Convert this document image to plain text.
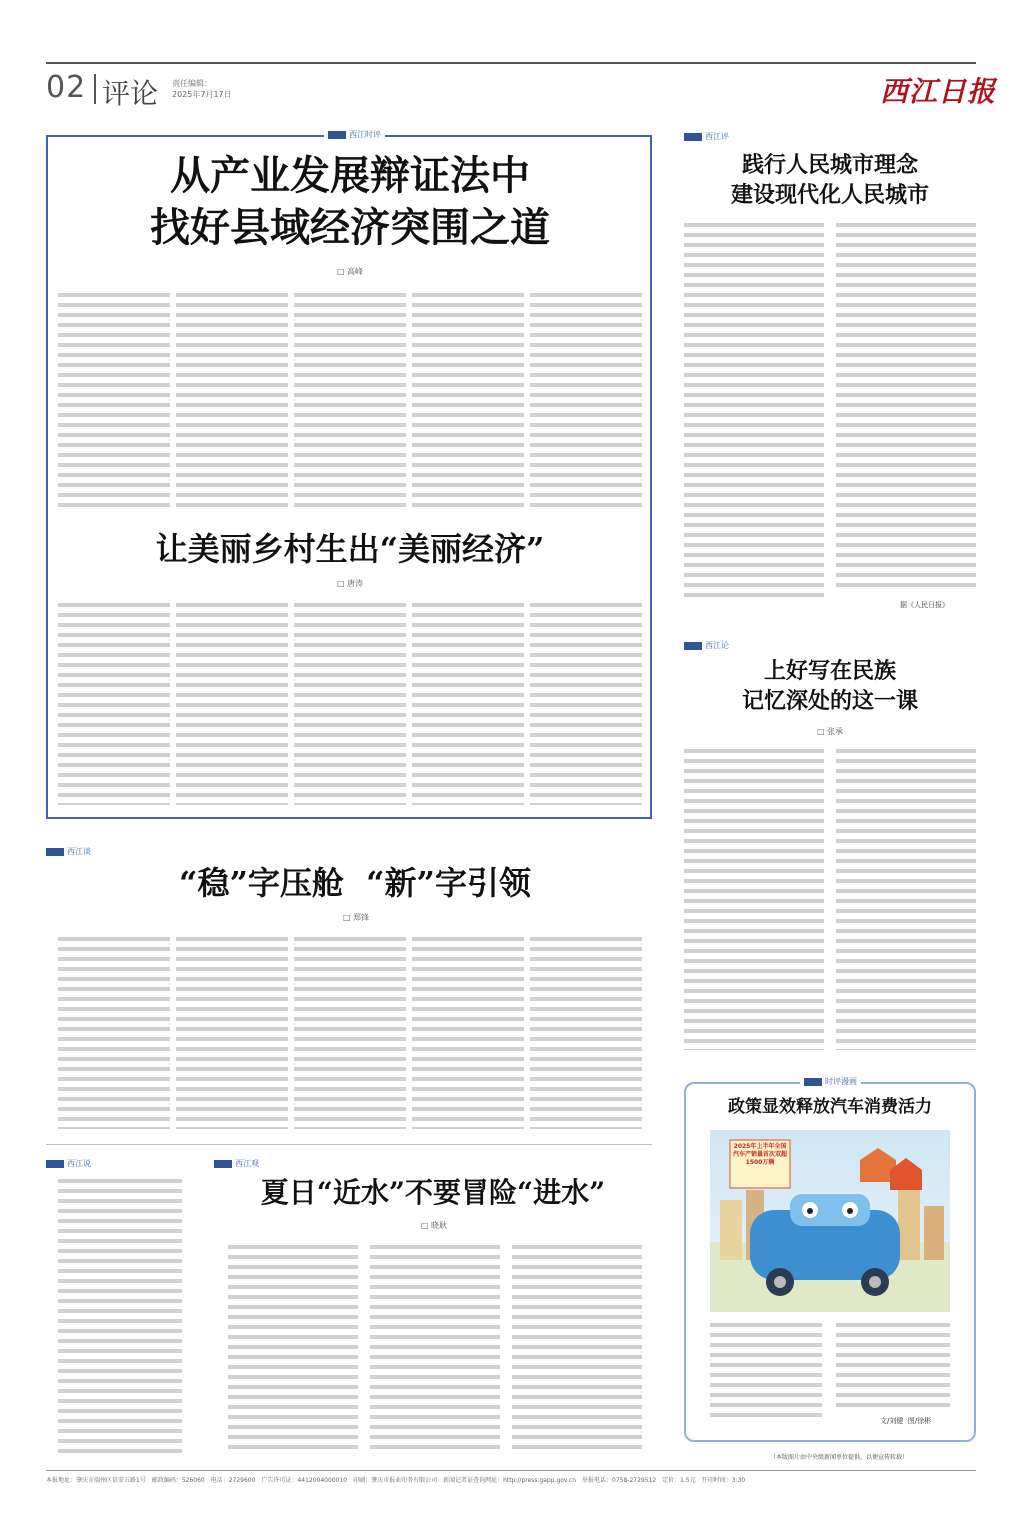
02 评论 责任编辑：
2025年7月17日	西江日报
西江时评
从产业发展辩证法中
找好县域经济突围之道
□ 高峰
让美丽乡村生出“美丽经济”
□ 唐涛
西江评
践行人民城市理念
建设现代化人民城市
据《人民日报》
西江论
上好写在民族
记忆深处的这一课
□ 张承
西江谈
“稳”字压舱  “新”字引领
□ 郑锋
西江说	西江观
夏日“近水”不要冒险“进水”
□ 晓耿
时评漫画
政策显效释放汽车消费活力
2025年上半年全国汽车产销量首次双超1500万辆
文/刘健  图/徐彬
（本版图片由中央级新闻单位提供，以便宣传转载）
本报地址：肇庆市端州区信安五路1号　邮政编码：526060　电话：2729600　广告许可证：4412004000010　印刷：肇庆市报业印务有限公司　新闻记者证查询网址：http://press.gapp.gov.cn　举报电话：0758-2729512　定价：1.5元　开印时间：3:30
